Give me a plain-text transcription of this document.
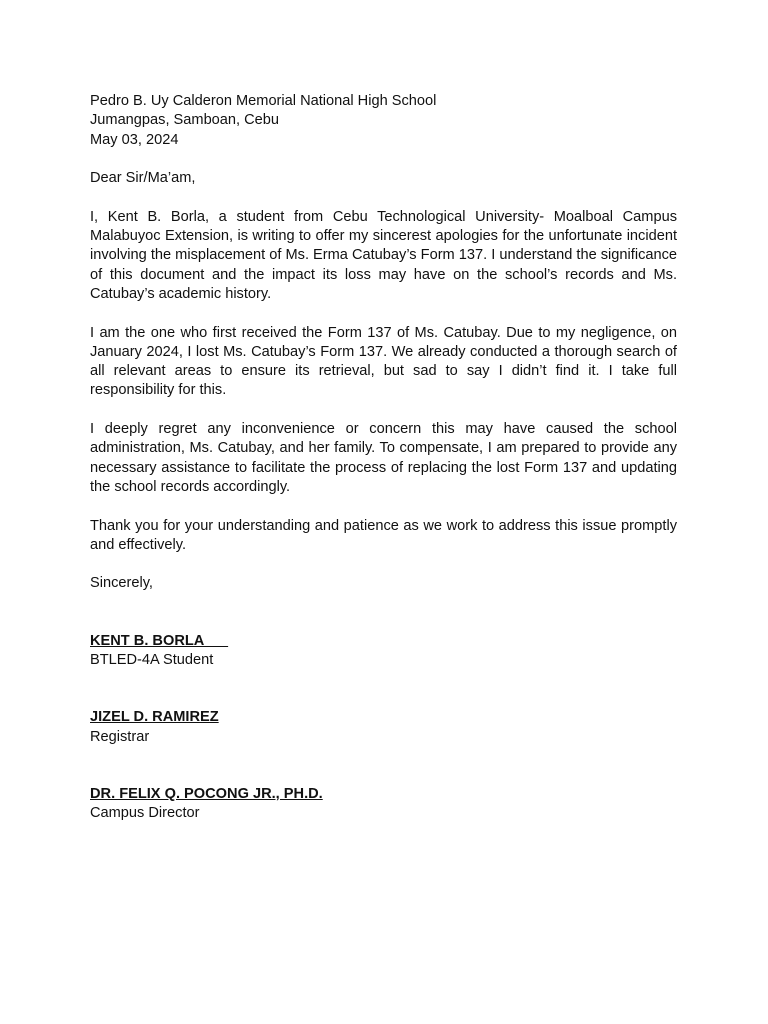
Pedro B. Uy Calderon Memorial National High School
Jumangpas, Samboan, Cebu
May 03, 2024
Dear Sir/Ma’am,

I, Kent B. Borla, a student from Cebu Technological University- Moalboal Campus Malabuyoc Extension, is writing to offer my sincerest apologies for the unfortunate incident involving the misplacement of Ms. Erma Catubay’s Form 137. I understand the significance of this document and the impact its loss may have on the school’s records and Ms. Catubay’s academic history.

I am the one who first received the Form 137 of Ms. Catubay. Due to my negligence, on January 2024, I lost Ms. Catubay’s Form 137. We already conducted a thorough search of all relevant areas to ensure its retrieval, but sad to say I didn’t find it. I take full responsibility for this.

I deeply regret any inconvenience or concern this may have caused the school administration, Ms. Catubay, and her family. To compensate, I am prepared to provide any necessary assistance to facilitate the process of replacing the lost Form 137 and updating the school records accordingly.

Thank you for your understanding and patience as we work to address this issue promptly and effectively.

Sincerely,
KENT B. BORLA
BTLED-4A Student
JIZEL D. RAMIREZ
Registrar
DR. FELIX Q. POCONG JR., PH.D.
Campus Director
